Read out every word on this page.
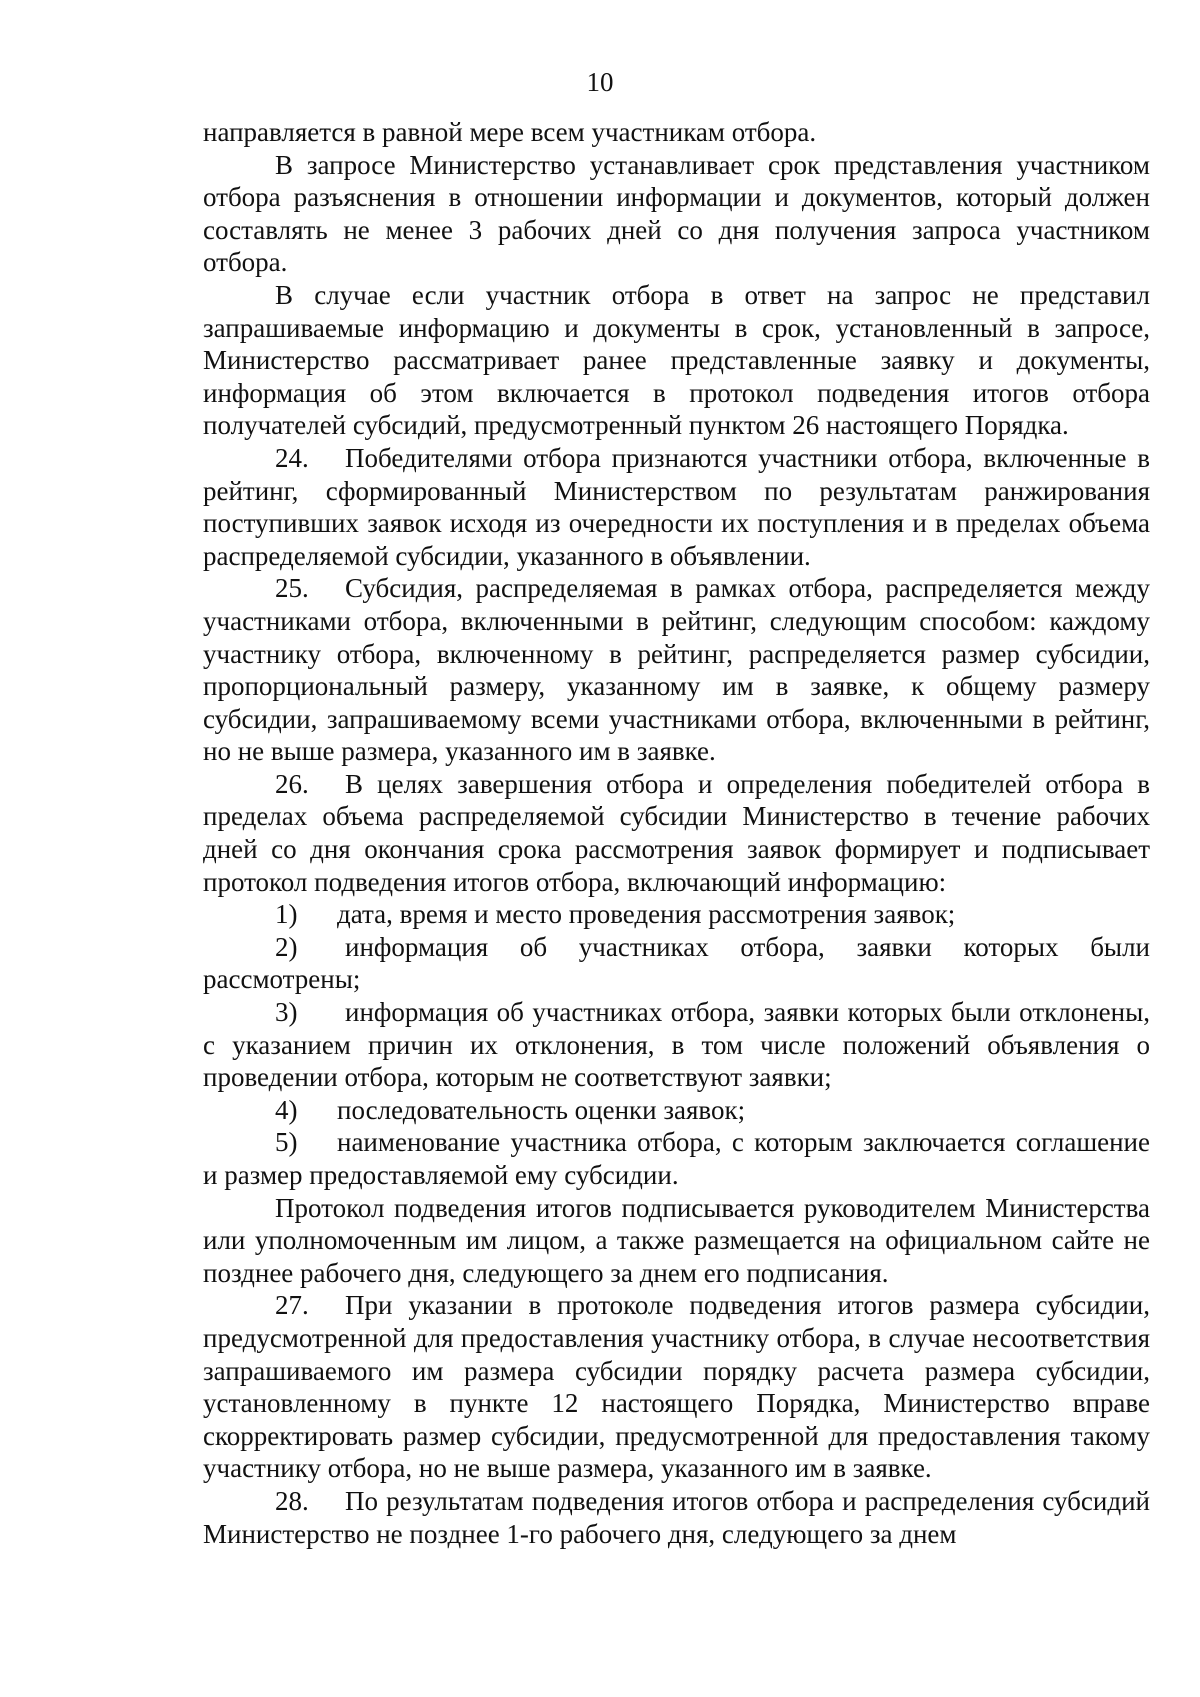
10

направляется в равной мере всем участникам отбора.

В запросе Министерство устанавливает срок представления участником отбора разъяснения в отношении информации и документов, который должен составлять не менее 3 рабочих дней со дня получения запроса участником отбора.

В случае если участник отбора в ответ на запрос не представил запрашиваемые информацию и документы в срок, установленный в запросе, Министерство рассматривает ранее представленные заявку и документы, информация об этом включается в протокол подведения итогов отбора получателей субсидий, предусмотренный пунктом 26 настоящего Порядка.

24. Победителями отбора признаются участники отбора, включенные в рейтинг, сформированный Министерством по результатам ранжирования поступивших заявок исходя из очередности их поступления и в пределах объема распределяемой субсидии, указанного в объявлении.

25. Субсидия, распределяемая в рамках отбора, распределяется между участниками отбора, включенными в рейтинг, следующим способом: каждому участнику отбора, включенному в рейтинг, распределяется размер субсидии, пропорциональный размеру, указанному им в заявке, к общему размеру субсидии, запрашиваемому всеми участниками отбора, включенными в рейтинг, но не выше размера, указанного им в заявке.

26. В целях завершения отбора и определения победителей отбора в пределах объема распределяемой субсидии Министерство в течение рабочих дней со дня окончания срока рассмотрения заявок формирует и подписывает протокол подведения итогов отбора, включающий информацию:

1) дата, время и место проведения рассмотрения заявок;

2) информация об участниках отбора, заявки которых были рассмотрены;

3) информация об участниках отбора, заявки которых были отклонены, с указанием причин их отклонения, в том числе положений объявления о проведении отбора, которым не соответствуют заявки;

4) последовательность оценки заявок;

5) наименование участника отбора, с которым заключается соглашение и размер предоставляемой ему субсидии.

Протокол подведения итогов подписывается руководителем Министерства или уполномоченным им лицом, а также размещается на официальном сайте не позднее рабочего дня, следующего за днем его подписания.

27. При указании в протоколе подведения итогов размера субсидии, предусмотренной для предоставления участнику отбора, в случае несоответствия запрашиваемого им размера субсидии порядку расчета размера субсидии, установленному в пункте 12 настоящего Порядка, Министерство вправе скорректировать размер субсидии, предусмотренной для предоставления такому участнику отбора, но не выше размера, указанного им в заявке.

28. По результатам подведения итогов отбора и распределения субсидий Министерство не позднее 1-го рабочего дня, следующего за днем
